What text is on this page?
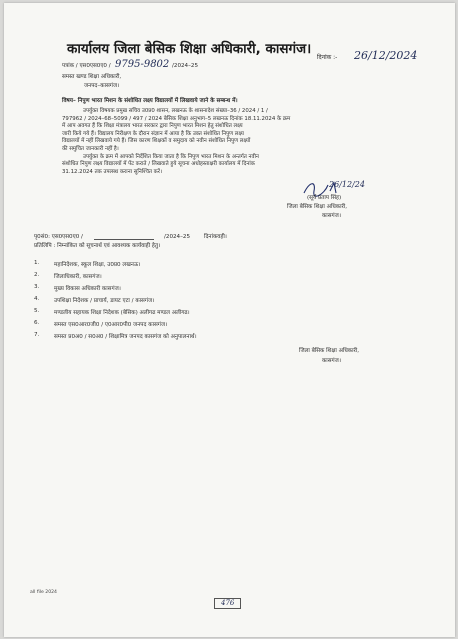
कार्यालय जिला बेसिक शिक्षा अधिकारी, कासगंज।
पत्रांक / एस0एस0ए0 / 9795-9802 /2024–25
दिनांक :- 26/12/2024
समस्त खण्ड शिक्षा अधिकारी,
जनपद–कासगंज।
विषय– निपुण भारत मिशन के संशोधित लक्ष्य विद्यालयों में लिखवाये जाने के सम्बन्ध में।
उपर्युक्त विषयक प्रमुख सचिव उ0प्र0 शासन, लखनऊ के शासनादेश संख्या–36 / 2024 / 1 /
797962 / 2024–68–5099 / 497 / 2024 बेसिक शिक्षा अनुभाग–5 लखनऊ दिनांक 18.11.2024 के क्रम
में आप अवगत हैं कि शिक्षा मंत्रालय भारत सरकार द्वारा निपुण भारत मिशन हेतु संशोधित लक्ष्य
जारी किये गये हैं। विद्यालय निरीक्षण के दौरान संज्ञान में आया है कि उक्त संशोधित निपुण लक्ष्य
विद्यालयों में नहीं लिखवाये गये हैं। जिस कारण शिक्षकों व समुदाय को नवीन संशोधित निपुण लक्ष्यों
की समुचित जानकारी नहीं है।
उपर्युक्त के क्रम में आपको निर्देशित किया जाता है कि निपुण भारत मिशन के अन्तर्गत नवीन
संशोधित निपुण लक्ष्य विद्यालयों में पेंट कराते / लिखवाते हुये सूचना अधोहस्ताक्षरी कार्यालय में दिनांक
31.12.2024 तक उपलब्ध कराना सुनिश्चित करें।
26/12/24
(सूर्य प्रताप सिंह)
जिला बेसिक शिक्षा अधिकारी,
कासगंज।
पृ0सं0: एस0एस0ए0 /	/2024–25 दिनांकवही।
प्रतिलिपि : निम्नांकित को सूचनार्थ एवं आवश्यक कार्यवाही हेतु।
1.	महानिदेशक, स्कूल शिक्षा, उ0प्र0 लखनऊ।
2.	जिलाधिकारी, कासगंज।
3.	मुख्य विकास अधिकारी कासगंज।
4.	उपशिक्षा निदेशक / प्राचार्य, डायट एटा / कासगंज।
5.	मण्डलीय सहायक शिक्षा निदेशक (बेसिक) अलीगढ मण्डल अलीगढ।
6.	समस्त एस0आर0जी0 / ए0आर0पी0 जनपद कासगंज।
7.	समस्त प्र0अ0 / स0अ0 / शिक्षामित्र जनपद कासगंज को अनुपालनार्थ।
जिला बेसिक शिक्षा अधिकारी,
कासगंज।
all file 2024
476
